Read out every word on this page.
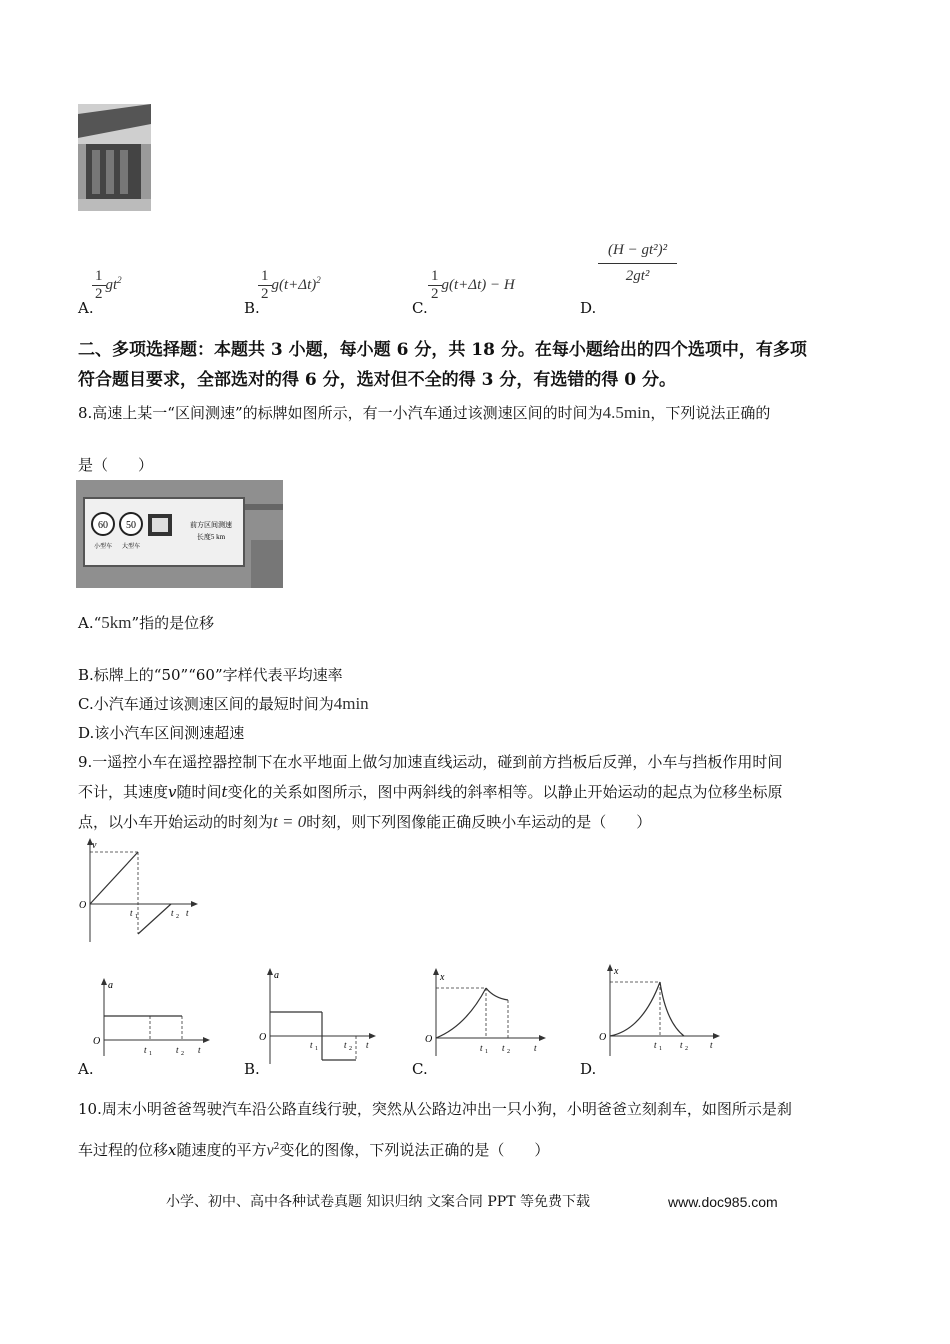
A.
$\frac{1}{2} gt^2$
B.
$\frac{1}{2} g(t+\Delta t)^2$
C.
$\frac{1}{2} g(t+\Delta t) - H$
D.
$\frac{\text{(H − gt²)²}}{\text{2gt²}}$
二、多项选择题：本题共 3 小题，每小题 6 分，共 18 分。在每小题给出的四个选项中，有多项
符合题目要求，全部选对的得 6 分，选对但不全的得 3 分，有选错的得 0 分。
8.高速上某一“区间测速”的标牌如图所示，有一小汽车通过该测速区间的时间为4.5min，下列说法正确的
是（　　）
60 50
小型车 大型车
前方区间测速
长度5 km
A.“5km”指的是位移
B.标牌上的“50”“60”字样代表平均速率
C.小汽车通过该测速区间的最短时间为4min
D.该小汽车区间测速超速
9.一遥控小车在遥控器控制下在水平地面上做匀加速直线运动，碰到前方挡板后反弹，小车与挡板作用时间
不计，其速度v随时间t变化的关系如图所示，图中两斜线的斜率相等。以静止开始运动的起点为位移坐标原
点，以小车开始运动的时刻为t = 0时刻，则下列图像能正确反映小车运动的是（　　）
v
O
t 1	t 2 t
a
O
t 1	t 2 t
A.
a
O
t 1	t 2 t
B.
x
O
t 1 t 2	t
C.
x
O
t 1 t 2 t
D.
10.周末小明爸爸驾驶汽车沿公路直线行驶，突然从公路边冲出一只小狗，小明爸爸立刻刹车，如图所示是刹
车过程的位移x随速度的平方$v^2$变化的图像，下列说法正确的是（　　）
小学、初中、高中各种试卷真题 知识归纳 文案合同 PPT 等免费下载	www.doc985.com
